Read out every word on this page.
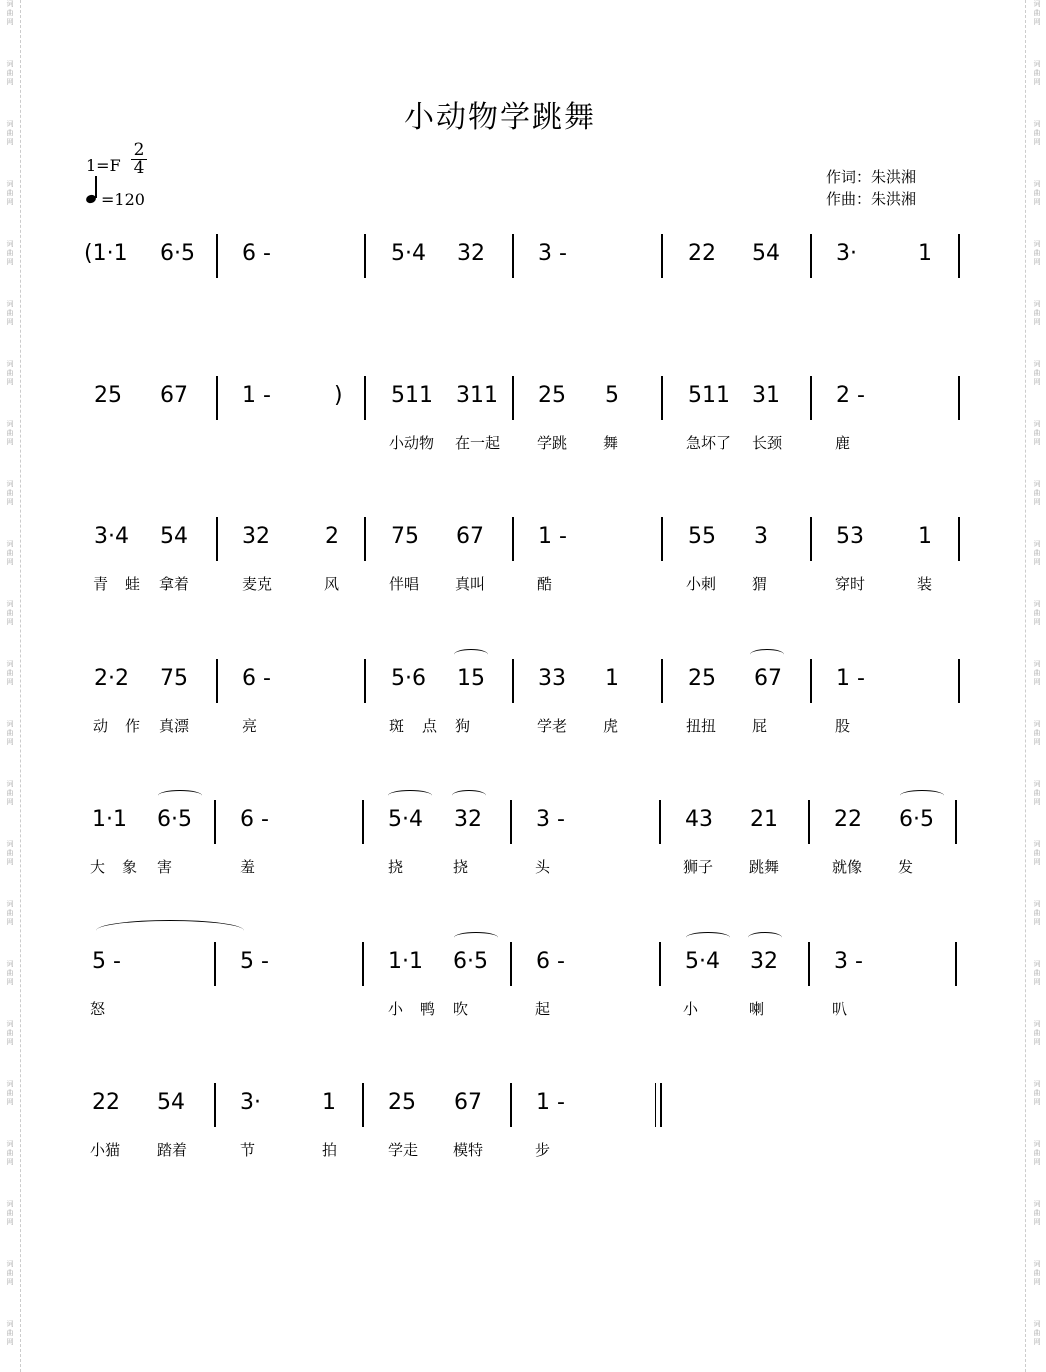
词
曲
网
词
曲
网
词
曲
网
词
曲
网
词
曲
网
词
曲
网
词
曲
网
词
曲
网
词
曲
网
词
曲
网
词
曲
网
词
曲
网
词
曲
网
词
曲
网
词
曲
网
词
曲
网
词
曲
网
词
曲
网
词
曲
网
词
曲
网
词
曲
网
词
曲
网
词
曲
网
词
曲
网
词
曲
网
词
曲
网
词
曲
网
词
曲
网
词
曲
网
词
曲
网
词
曲
网
词
曲
网
词
曲
网
词
曲
网
词
曲
网
词
曲
网
词
曲
网
词
曲
网
词
曲
网
词
曲
网
词
曲
网
词
曲
网
词
曲
网
词
曲
网
词
曲
网
词
曲
网
小动物学跳舞
1=F
2
4
=120
作词：朱洪湘
作曲：朱洪湘
(1·1 6·5 6 -	5·4 32 3 -	22 54	3·	1
25 67 1 -	) 511 311 25 5	511 31	2 -
小动物 在一起 学跳 舞	急坏了 长颈	鹿
3·4 54 32	2 75 67 1 -	55 3	53 1
青 蛙 拿着	麦克	风	伴唱 真叫	酷	小刺 猬	穿时	装
2·2 75 6 -	5·6 15 33 1	25 67 1 -
动 作 真漂	亮	斑 点 狗	学老 虎	扭扭 屁	股
1·1 6·5 6 -	5·4 32 3 -	43 21	22 6·5
大 象 害	羞	挠	挠	头	狮子 跳舞	就像 发
5 -	5 -	1·1 6·5 6 -	5·4 32	3 -
怒	小 鸭 吹	起	小	喇	叭
22 54	3·	1 25 67 1 -
小猫 踏着	节	拍	学走 模特	步
